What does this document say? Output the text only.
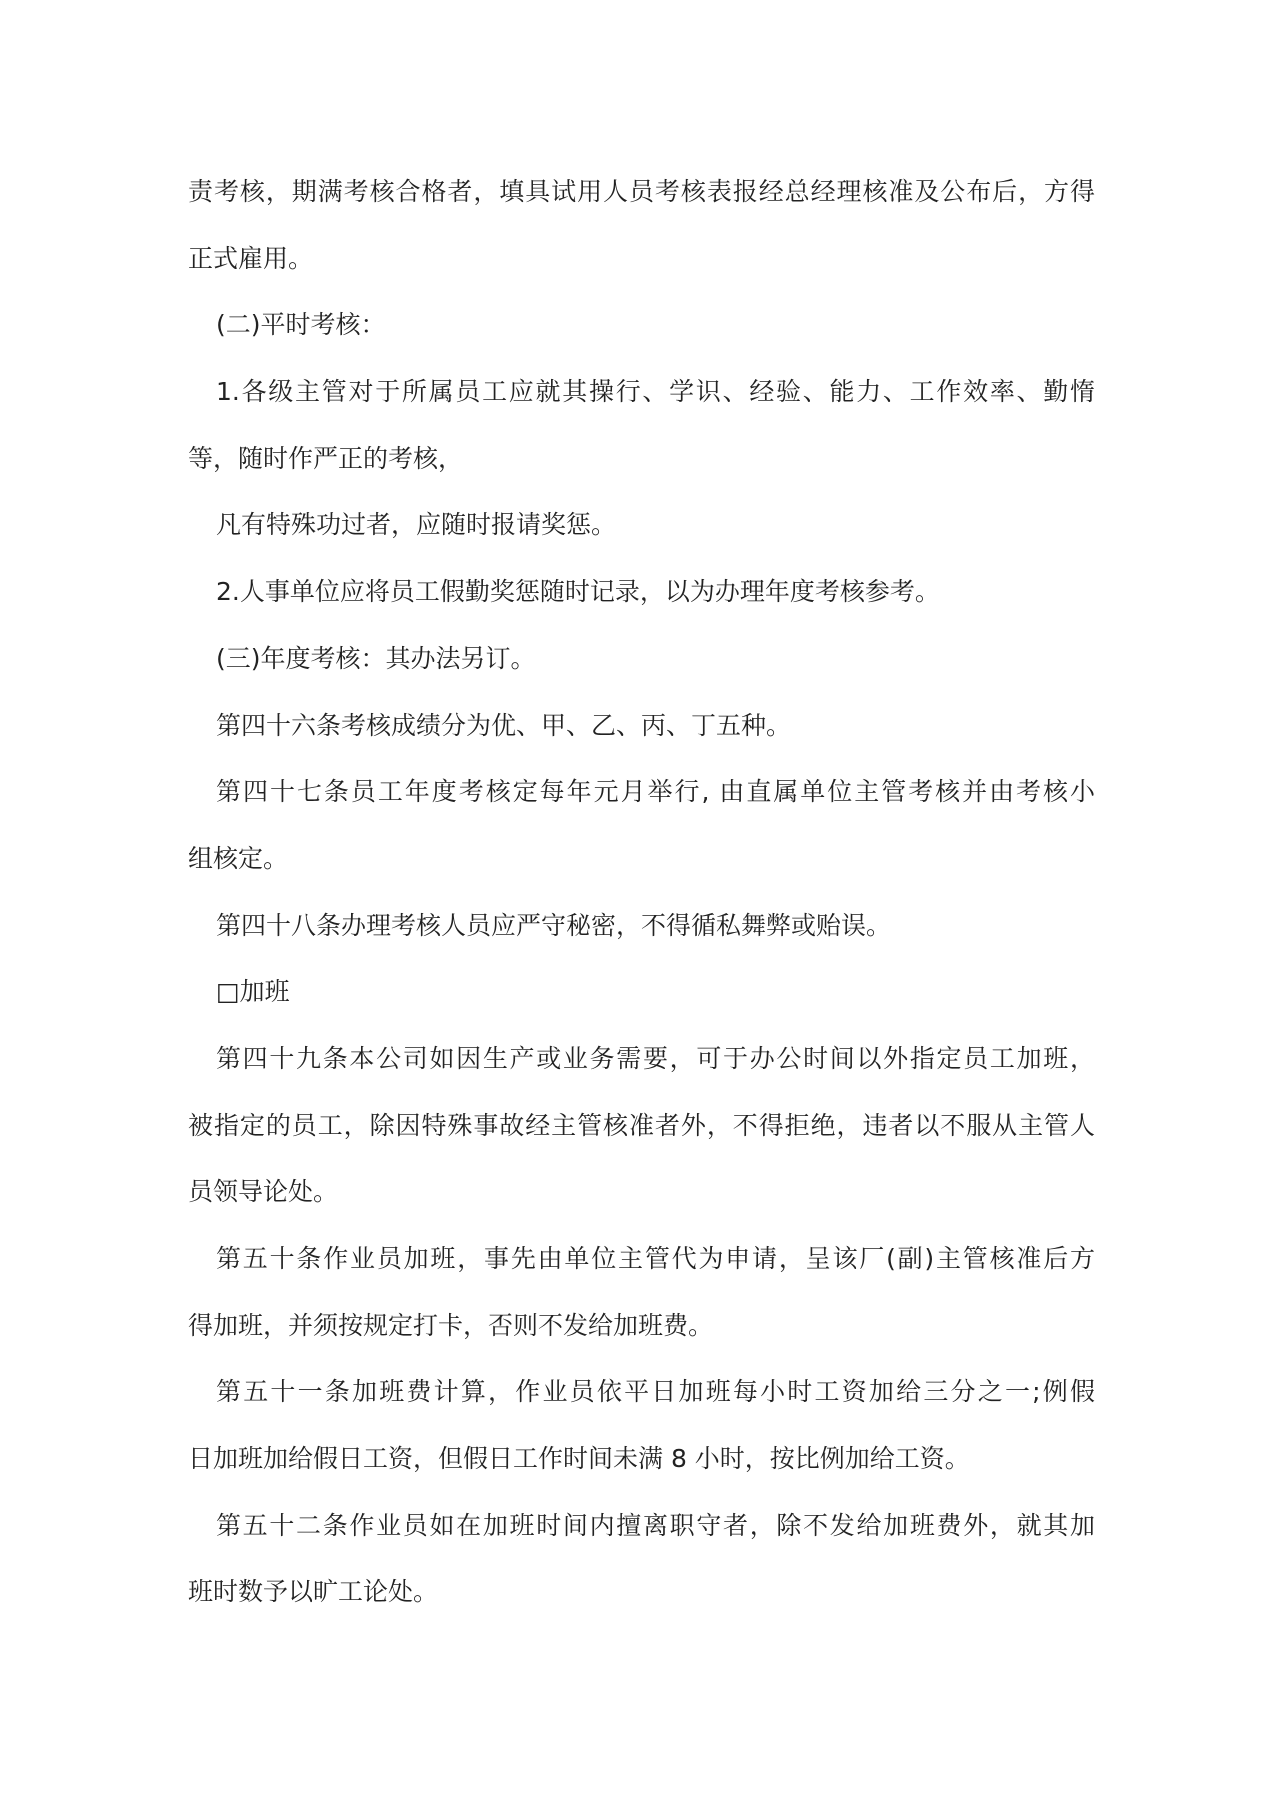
责考核，期满考核合格者，填具试用人员考核表报经总经理核准及公布后，方得
正式雇用。
(二)平时考核：
1.各级主管对于所属员工应就其操行、学识、经验、能力、工作效率、勤惰
等，随时作严正的考核，
凡有特殊功过者，应随时报请奖惩。
2.人事单位应将员工假勤奖惩随时记录，以为办理年度考核参考。
(三)年度考核：其办法另订。
第四十六条考核成绩分为优、甲、乙、丙、丁五种。
第四十七条员工年度考核定每年元月举行, 由直属单位主管考核并由考核小
组核定。
第四十八条办理考核人员应严守秘密，不得循私舞弊或贻误。
□加班
第四十九条本公司如因生产或业务需要，可于办公时间以外指定员工加班，
被指定的员工，除因特殊事故经主管核准者外，不得拒绝，违者以不服从主管人
员领导论处。
第五十条作业员加班，事先由单位主管代为申请，呈该厂(副)主管核准后方
得加班，并须按规定打卡，否则不发给加班费。
第五十一条加班费计算，作业员依平日加班每小时工资加给三分之一;例假
日加班加给假日工资，但假日工作时间未满 8 小时，按比例加给工资。
第五十二条作业员如在加班时间内擅离职守者，除不发给加班费外，就其加
班时数予以旷工论处。
